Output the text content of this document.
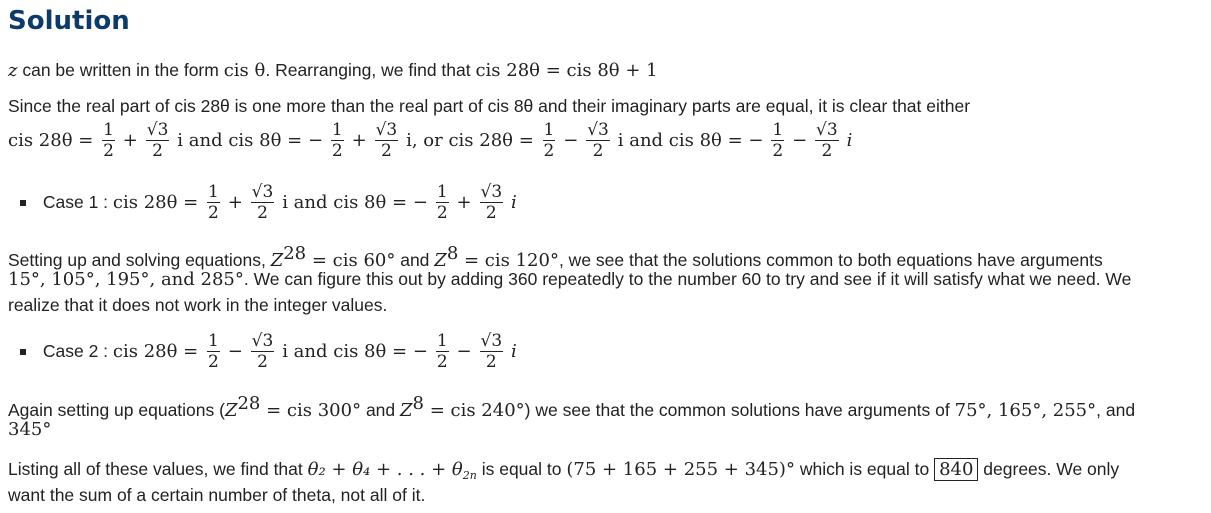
Solution
z can be written in the form cis θ. Rearranging, we find that cis 28θ = cis 8θ + 1
Since the real part of cis 28θ is one more than the real part of cis 8θ and their imaginary parts are equal, it is clear that either
cis $28\theta = \frac{1}{2} + \frac{√3}{2}$ i and cis 8θ = − $\frac{1}{2} + \frac{√3}{2} i$, or cis $28\theta = \frac{1}{2} - \frac{√3}{2}$ i and cis 8θ = − $\frac{1}{2} - \frac{√3}{2}$ i
Case 1 : cis $28\theta = \frac{1}{2} + \frac{√3}{2}$ i and cis 8θ = − $\frac{1}{2} + \frac{√3}{2}$ i
Setting up and solving equations, $Z^{28}$ = cis 60° and $Z^8$ = cis 120°, we see that the solutions common to both equations have arguments
15°, 105°, 195°, and 285°. We can figure this out by adding 360 repeatedly to the number 60 to try and see if it will satisfy what we need. We
realize that it does not work in the integer values.
Case 2 : cis $28\theta = \frac{1}{2} - \frac{√3}{2}$ i and cis 8θ = − $\frac{1}{2} - \frac{√3}{2}$ i
Again setting up equations ($Z^{28}$ = cis 300° and $Z^8$ = cis 240°) we see that the common solutions have arguments of 75°, 165°, 255°, and
345°
Listing all of these values, we find that θ₂ + θ₄ + . . . + $\theta_{2n}$ is equal to (75 + 165 + 255 + 345)° which is equal to 840 degrees. We only
want the sum of a certain number of theta, not all of it.
